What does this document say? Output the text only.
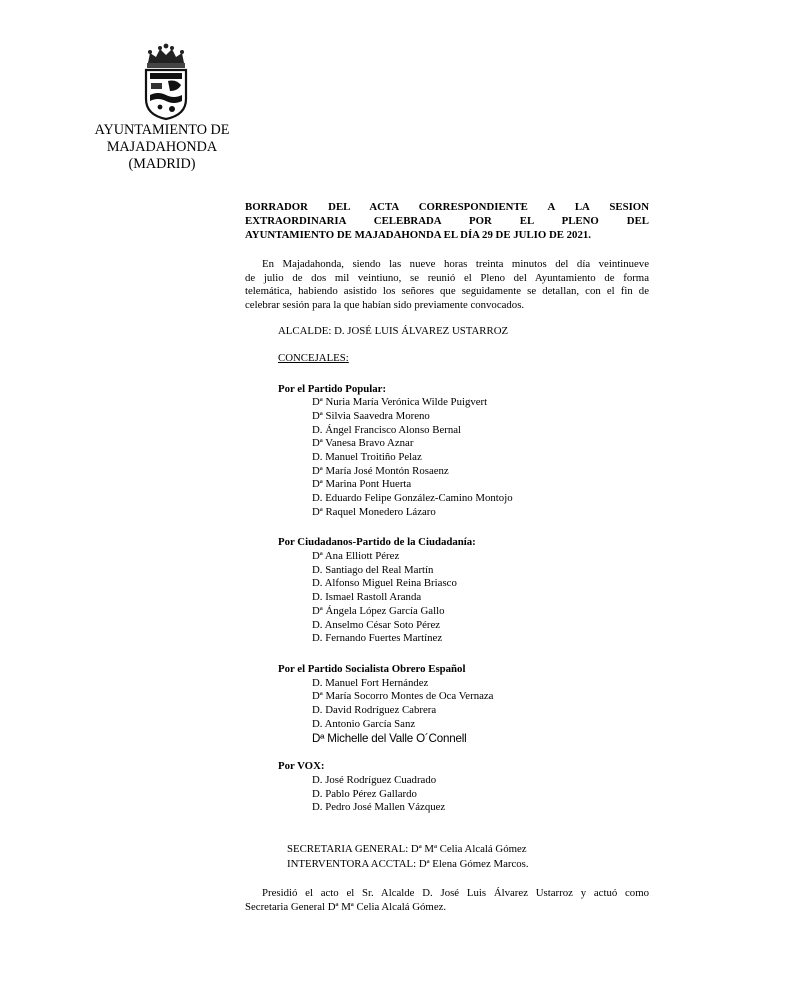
AYUNTAMIENTO DE
MAJADAHONDA
(MADRID)

BORRADOR DEL ACTA CORRESPONDIENTE A LA SESION
EXTRAORDINARIA CELEBRADA POR EL PLENO DEL
AYUNTAMIENTO DE MAJADAHONDA EL DÍA 29 DE JULIO DE 2021.

En Majadahonda, siendo las nueve horas treinta minutos del día veintinueve
de julio de dos mil veintiuno, se reunió el Pleno del Ayuntamiento de forma
telemática, habiendo asistido los señores que seguidamente se detallan, con el fin de
celebrar sesión para la que habían sido previamente convocados.

ALCALDE: D. JOSÉ LUIS ÁLVAREZ USTARROZ
CONCEJALES:
Por el Partido Popular:
Dª Nuria María Verónica Wilde Puigvert
Dª Silvia Saavedra Moreno
D. Ángel Francisco Alonso Bernal
Dª Vanesa Bravo Aznar
D. Manuel Troitiño Pelaz
Dª María José Montón Rosaenz
Dª Marina Pont Huerta
D. Eduardo Felipe González-Camino Montojo
Dª Raquel Monedero Lázaro
Por Ciudadanos-Partido de la Ciudadanía:
Dª Ana Elliott Pérez
D. Santiago del Real Martín
D. Alfonso Miguel Reina Briasco
D. Ismael Rastoll Aranda
Dª Ángela López García Gallo
D. Anselmo César Soto Pérez
D. Fernando Fuertes Martínez
Por el Partido Socialista Obrero Español
D. Manuel Fort Hernández
Dª María Socorro Montes de Oca Vernaza
D. David Rodríguez Cabrera
D. Antonio García Sanz
Dª Michelle del Valle O´Connell
Por VOX:
D. José Rodríguez Cuadrado
D. Pablo Pérez Gallardo
D. Pedro José Mallen Vázquez
SECRETARIA GENERAL: Dª Mª Celia Alcalá Gómez
INTERVENTORA ACCTAL: Dª Elena Gómez Marcos.

Presidió el acto el Sr. Alcalde D. José Luis Álvarez Ustarroz y actuó como
Secretaria General Dª Mª Celia Alcalá Gómez.
